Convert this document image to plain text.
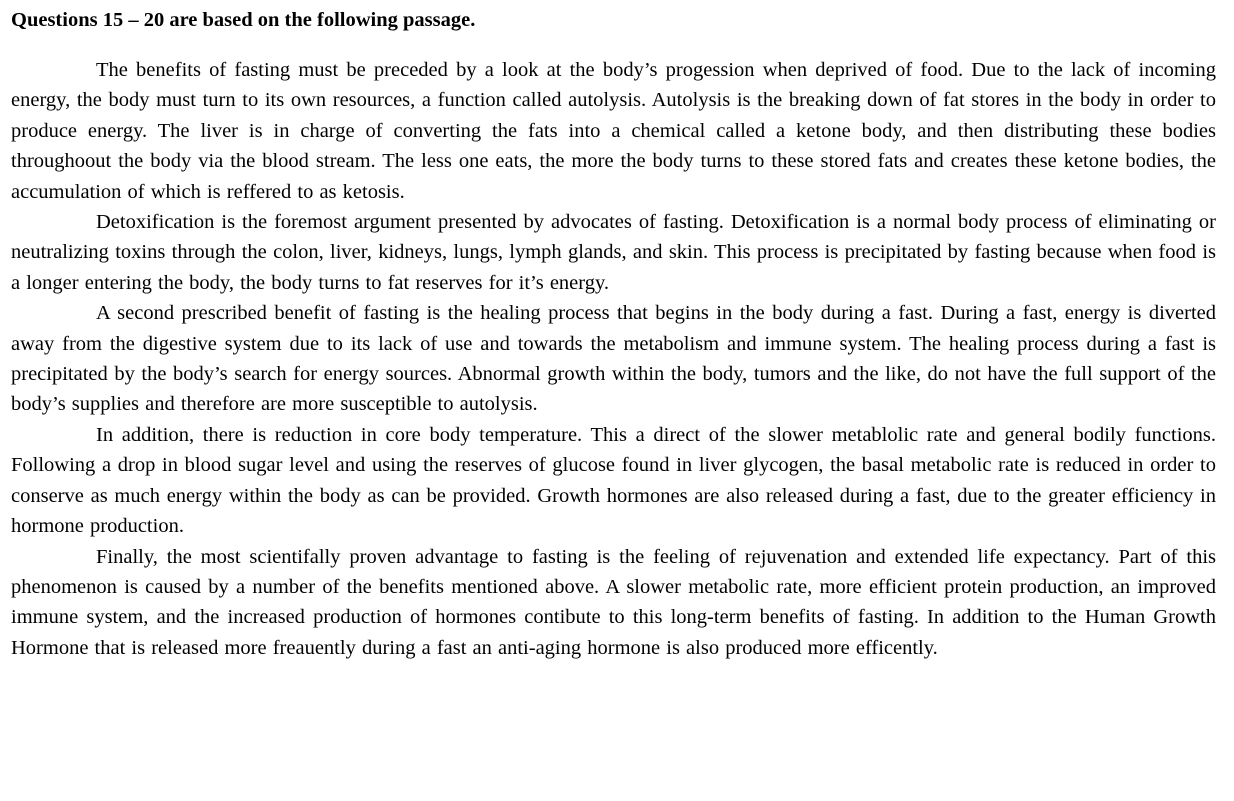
Questions 15 – 20 are based on the following passage.

The benefits of fasting must be preceded by a look at the body’s progession when deprived of food. Due to the lack of incoming energy, the body must turn to its own resources, a function called autolysis. Autolysis is the breaking down of fat stores in the body in order to produce energy. The liver is in charge of converting the fats into a chemical called a ketone body, and then distributing these bodies throughoout the body via the blood stream. The less one eats, the more the body turns to these stored fats and creates these ketone bodies, the accumulation of which is reffered to as ketosis.

Detoxification is the foremost argument presented by advocates of fasting. Detoxification is a normal body process of eliminating or neutralizing toxins through the colon, liver, kidneys, lungs, lymph glands, and skin. This process is precipitated by fasting because when food is a longer entering the body, the body turns to fat reserves for it’s energy.

A second prescribed benefit of fasting is the healing process that begins in the body during a fast. During a fast, energy is diverted away from the digestive system due to its lack of use and towards the metabolism and immune system. The healing process during a fast is precipitated by the body’s search for energy sources. Abnormal growth within the body, tumors and the like, do not have the full support of the body’s supplies and therefore are more susceptible to autolysis.

In addition, there is reduction in core body temperature. This a direct of the slower metablolic rate and general bodily functions. Following a drop in blood sugar level and using the reserves of glucose found in liver glycogen, the basal metabolic rate is reduced in order to conserve as much energy within the body as can be provided. Growth hormones are also released during a fast, due to the greater efficiency in hormone production.

Finally, the most scientifally proven advantage to fasting is the feeling of rejuvenation and extended life expectancy. Part of this phenomenon is caused by a number of the benefits mentioned above. A slower metabolic rate, more efficient protein production, an improved immune system, and the increased production of hormones contibute to this long-term benefits of fasting. In addition to the Human Growth Hormone that is released more freauently during a fast an anti-aging hormone is also produced more efficently.
